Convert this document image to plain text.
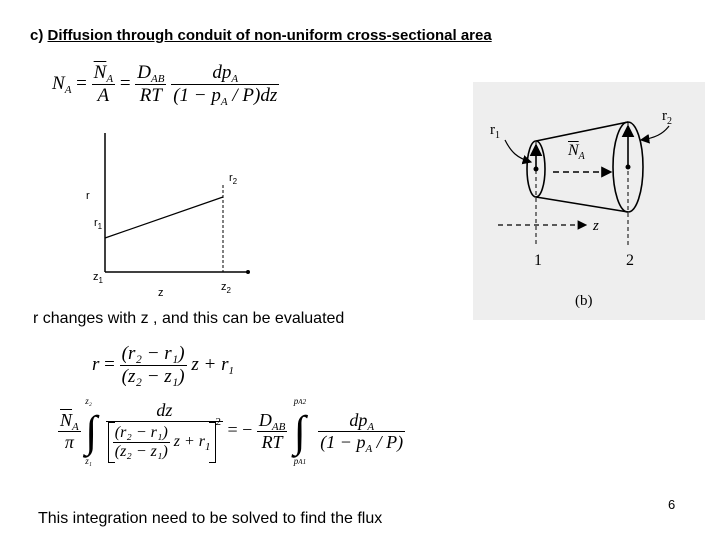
c) Diffusion through conduit of non-uniform cross-sectional area
$N_A = \frac{\overline{N}_A}{A} = \frac{D_{AB}}{RT}$
$\frac{dp_A}{(1 - p_A / P)dz}$
r
$r_1$
$r_2$
$z_1$
z	$z_2$
$r_1$
$r_2$
$\overline{N}_A$
z
1	2
(b)
r changes with z , and this can be evaluated
$r = \frac{\text{(r₂ − r₁)}}{\text{(z₂ − z₁)}}$ $z + r_1$
$\frac{\overline{N}_A}{\pi}$

z₂
∫
z₁
$\frac{dz}{\frac{\text{(r₂ − r₁)}}{\text{(z₂ − z₁)}} z + r_1^2}$ = − $\frac{D_{AB}}{RT}$

pA2
∫
pA1

$\frac{dp_A}{(1 - p_A / P)}$
This integration need to be solved to find the flux
6
